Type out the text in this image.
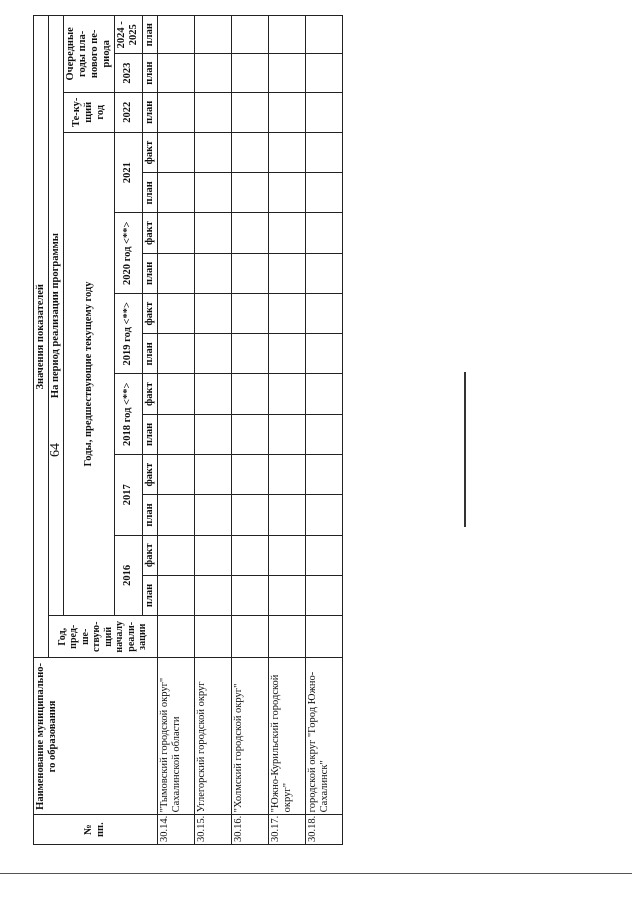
64
№ пп.	Наименование муниципально-го образования	Значения показателей															
		Год, пред-ше-ствую-щий началу реали-зации	На период реализации программы														
			Годы, предшествующие текущему году												Те-ку-щий год	Очередные годы пла-нового пе-риода	
			2016		2017		2018 год <**>		2019 год <**>		2020 год <**>		2021		2022	2023	2024 - 2025
			план	факт	план	факт	план	факт	план	факт	план	факт	план	факт	план	план	план
30.14.	"Тымовский городской округ" Сахалинской области																
30.15.	Углегорский городской округ																
30.16.	"Холмский городской округ"																
30.17.	"Южно-Курильский городской округ"																
30.18.	городской округ "Город Южно-Сахалинск"																
